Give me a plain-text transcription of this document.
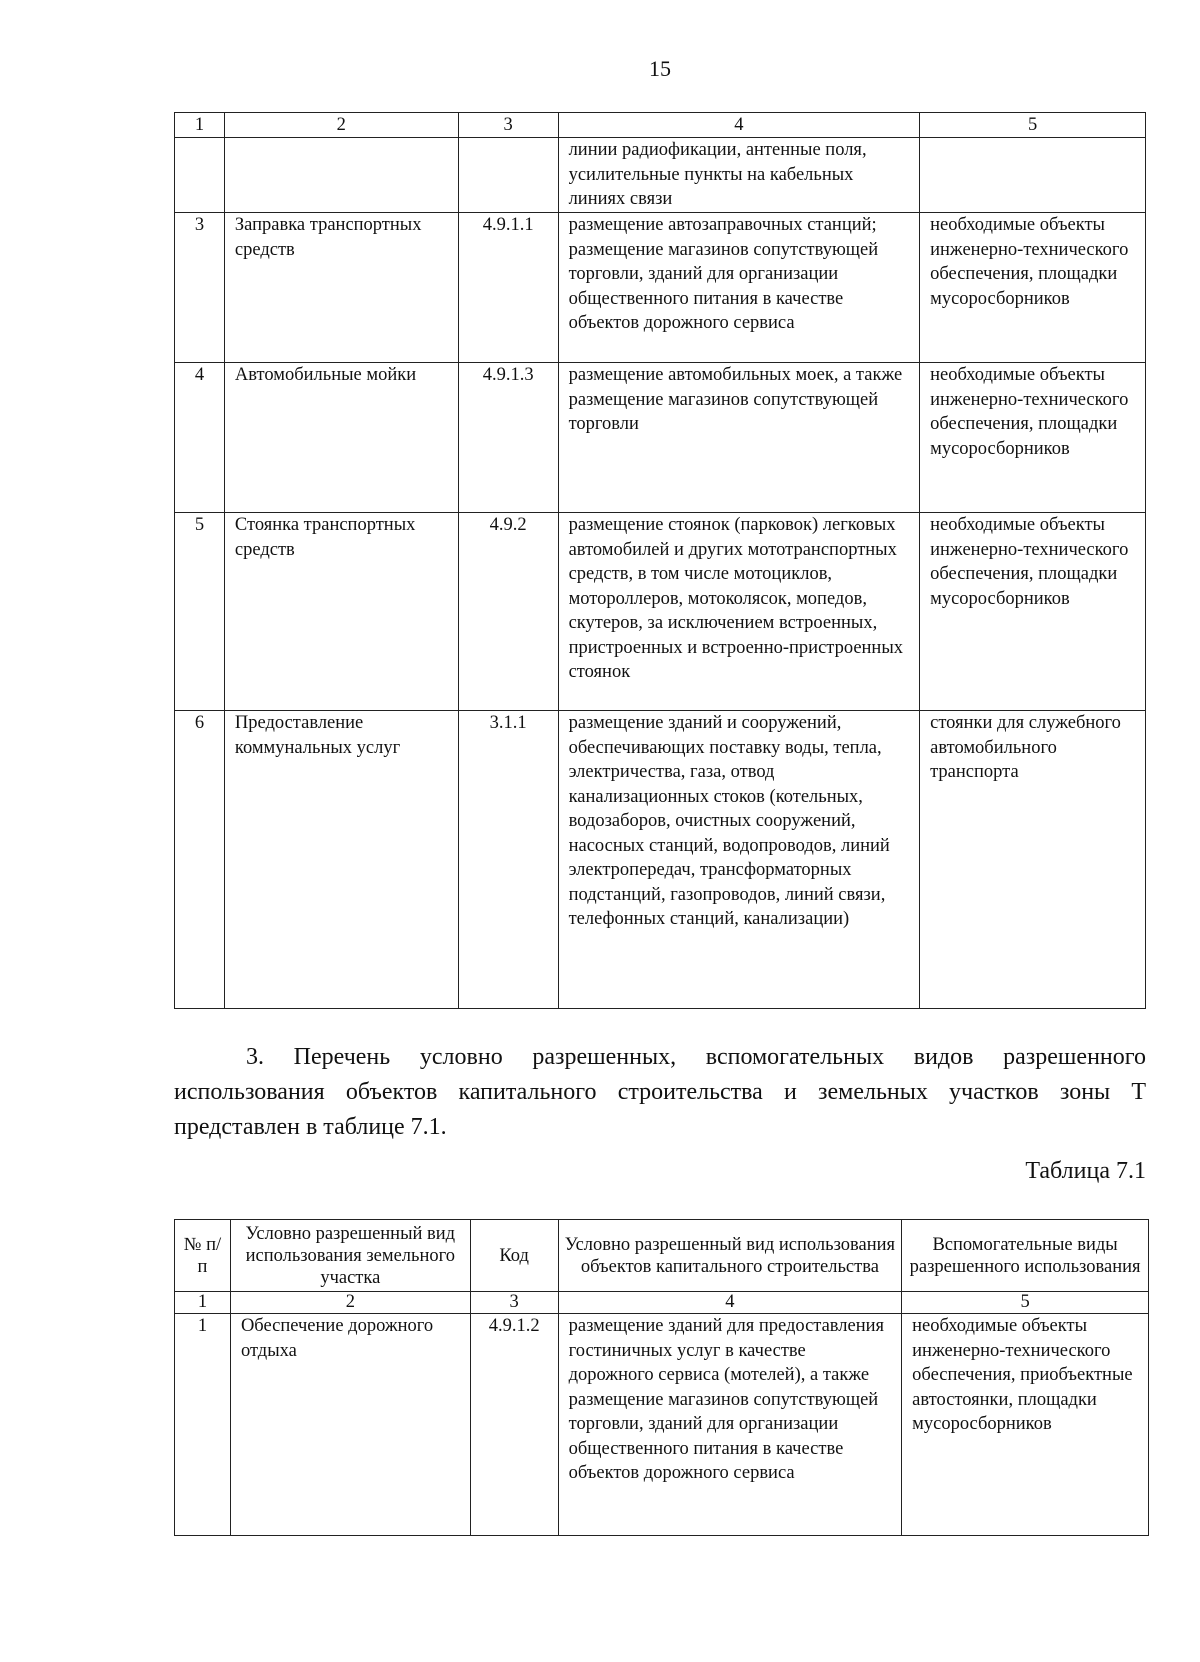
15
1	2	3	4	5
			линии радиофикации, антенные поля, усилительные пункты на кабельных линиях связи	
3	Заправка транспортных средств	4.9.1.1	размещение автозаправочных станций; размещение магазинов сопутствующей торговли, зданий для организации общественного питания в качестве объектов дорожного сервиса	необходимые объекты инженерно-технического обеспечения, площадки мусоросборников
4	Автомобильные мойки	4.9.1.3	размещение автомобильных моек, а также размещение магазинов сопутствующей торговли	необходимые объекты инженерно-технического обеспечения, площадки мусоросборников
5	Стоянка транспортных средств	4.9.2	размещение стоянок (парковок) легковых автомобилей и других мототранспортных средств, в том числе мотоциклов, мотороллеров, мотоколясок, мопедов, скутеров, за исключением встроенных, пристроенных и встроенно-пристроенных стоянок	необходимые объекты инженерно-технического обеспечения, площадки мусоросборников
6	Предоставление коммунальных услуг	3.1.1	размещение зданий и сооружений, обеспечивающих поставку воды, тепла, электричества, газа, отвод канализационных стоков (котельных, водозаборов, очистных сооружений, насосных станций, водопроводов, линий электропередач, трансформаторных подстанций, газопроводов, линий связи, телефонных станций, канализации)	стоянки для служебного автомобильного транспорта
3. Перечень условно разрешенных, вспомогательных видов разрешенного использования объектов капитального строительства и земельных участков зоны Т представлен в таблице 7.1.
Таблица 7.1
№ п/п	Условно разрешенный вид использования земельного участка	Код	Условно разрешенный вид использования объектов капитального строительства	Вспомогательные виды разрешенного использования
1	2	3	4	5
1	Обеспечение дорожного отдыха	4.9.1.2	размещение зданий для предоставления гостиничных услуг в качестве дорожного сервиса (мотелей), а также размещение магазинов сопутствующей торговли, зданий для организации общественного питания в качестве объектов дорожного сервиса	необходимые объекты инженерно-технического обеспечения, приобъектные автостоянки, площадки мусоросборников
